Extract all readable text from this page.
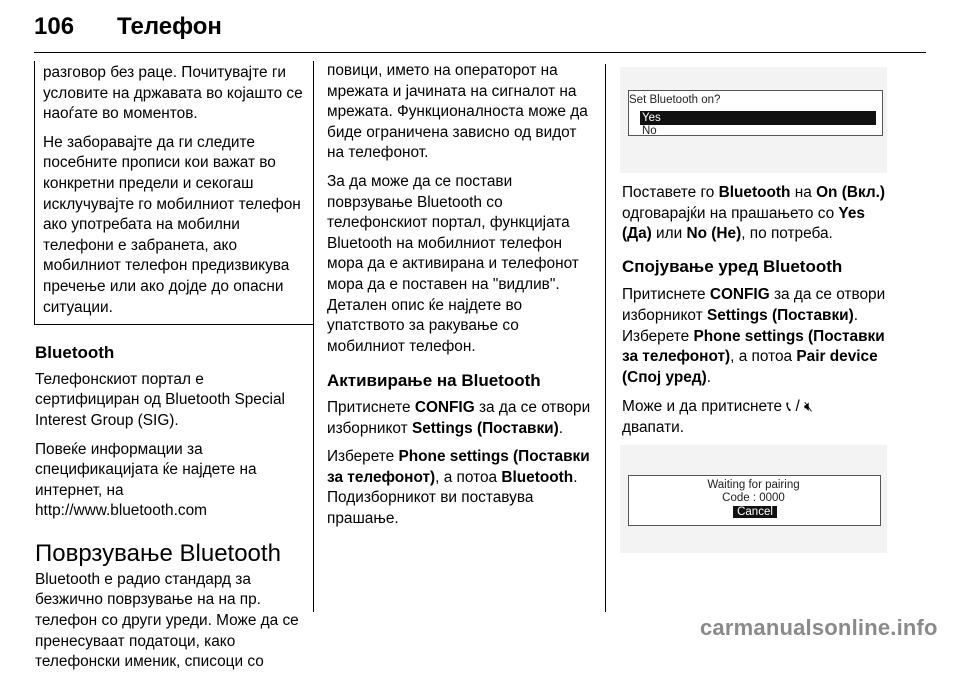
106 Телефон

разговор без раце. Почитувајте ги условите на државата во коjашто се наоѓате во моментов.

Не заборавајте да ги следите посебните прописи кои важат во конкретни предели и секогаш исклучувајте го мобилниот телефон ако употребата на мобилни телефони е забранета, ако мобилниот телефон предизвикува пречење или ако дојде до опасни ситуации.

Bluetooth

Телефонскиот портал е сертифициран од Bluetooth Special Interest Group (SIG).

Повеќе информации за спецификацијата ќе најдете на интернет, на
http://www.bluetooth.com

Поврзување Bluetooth

Bluetooth е радио стандард за безжично поврзување на на пр. телефон со други уреди. Може да се пренесуваат податоци, како телефонски именик, списоци со

повици, името на операторот на мрежата и јачината на сигналот на мрежата. Функционалноста може да биде ограничена зависно од видот на телефонот.

За да може да се постави поврзување Bluetooth со телефонскиот портал, функцијата Bluetooth на мобилниот телефон мора да е активирана и телефонот мора да е поставен на "видлив". Детален опис ќе најдете во упатството за ракување со мобилниот телефон.

Активирање на Bluetooth

Притиснете CONFIG за да се отвори изборникот Settings (Поставки).

Изберете Phone settings (Поставки за телефонот), а потоа Bluetooth.
Подизборникот ви поставува прашање.

Set Bluetooth on?
Yes
No

Поставете го Bluetooth на On (Вкл.) одговарајќи на прашањето со Yes (Да) или No (Не), по потреба.

Спојување уред Bluetooth

Притиснете CONFIG за да се отвори изборникот Settings (Поставки). Изберете Phone settings (Поставки за телефонот), а потоа Pair device (Спој уред).

Може и да притиснете 📞︎ / 🔇︎
двапати.

Waiting for pairing
Code : 0000
Cancel
carmanualsonline.info
